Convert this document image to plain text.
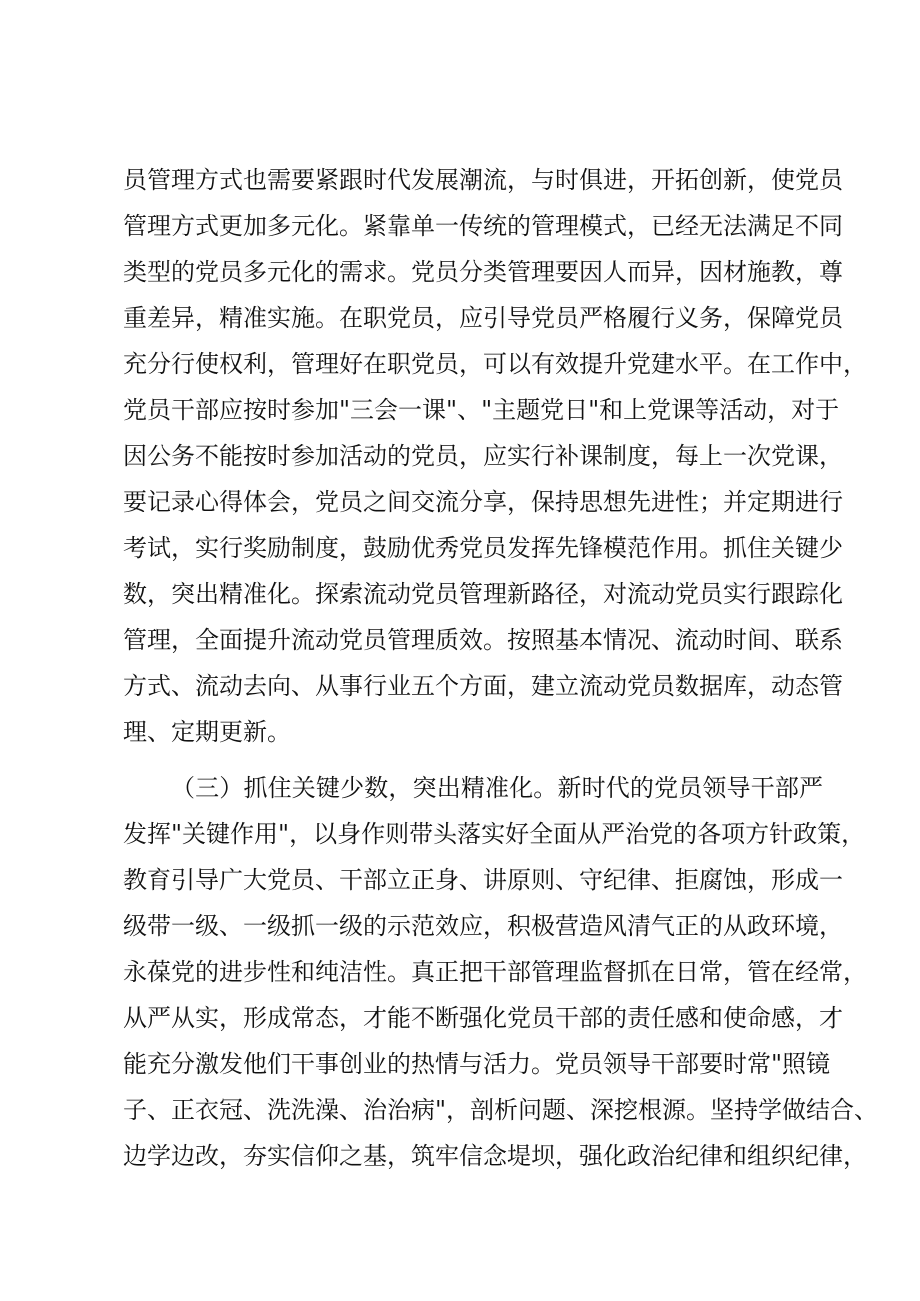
员管理方式也需要紧跟时代发展潮流，与时俱进，开拓创新，使党员
管理方式更加多元化。紧靠单一传统的管理模式，已经无法满足不同
类型的党员多元化的需求。党员分类管理要因人而异，因材施教，尊
重差异，精准实施。在职党员，应引导党员严格履行义务，保障党员
充分行使权利，管理好在职党员，可以有效提升党建水平。在工作中，
党员干部应按时参加"三会一课"、"主题党日"和上党课等活动，对于
因公务不能按时参加活动的党员，应实行补课制度，每上一次党课，
要记录心得体会，党员之间交流分享，保持思想先进性；并定期进行
考试，实行奖励制度，鼓励优秀党员发挥先锋模范作用。抓住关键少
数，突出精准化。探索流动党员管理新路径，对流动党员实行跟踪化
管理，全面提升流动党员管理质效。按照基本情况、流动时间、联系
方式、流动去向、从事行业五个方面，建立流动党员数据库，动态管
理、定期更新。
（三）抓住关键少数，突出精准化。新时代的党员领导干部严
发挥"关键作用"，以身作则带头落实好全面从严治党的各项方针政策，
教育引导广大党员、干部立正身、讲原则、守纪律、拒腐蚀，形成一
级带一级、一级抓一级的示范效应，积极营造风清气正的从政环境，
永葆党的进步性和纯洁性。真正把干部管理监督抓在日常，管在经常，
从严从实，形成常态，才能不断强化党员干部的责任感和使命感，才
能充分激发他们干事创业的热情与活力。党员领导干部要时常"照镜
子、正衣冠、洗洗澡、治治病"，剖析问题、深挖根源。坚持学做结合、
边学边改，夯实信仰之基，筑牢信念堤坝，强化政治纪律和组织纪律，
